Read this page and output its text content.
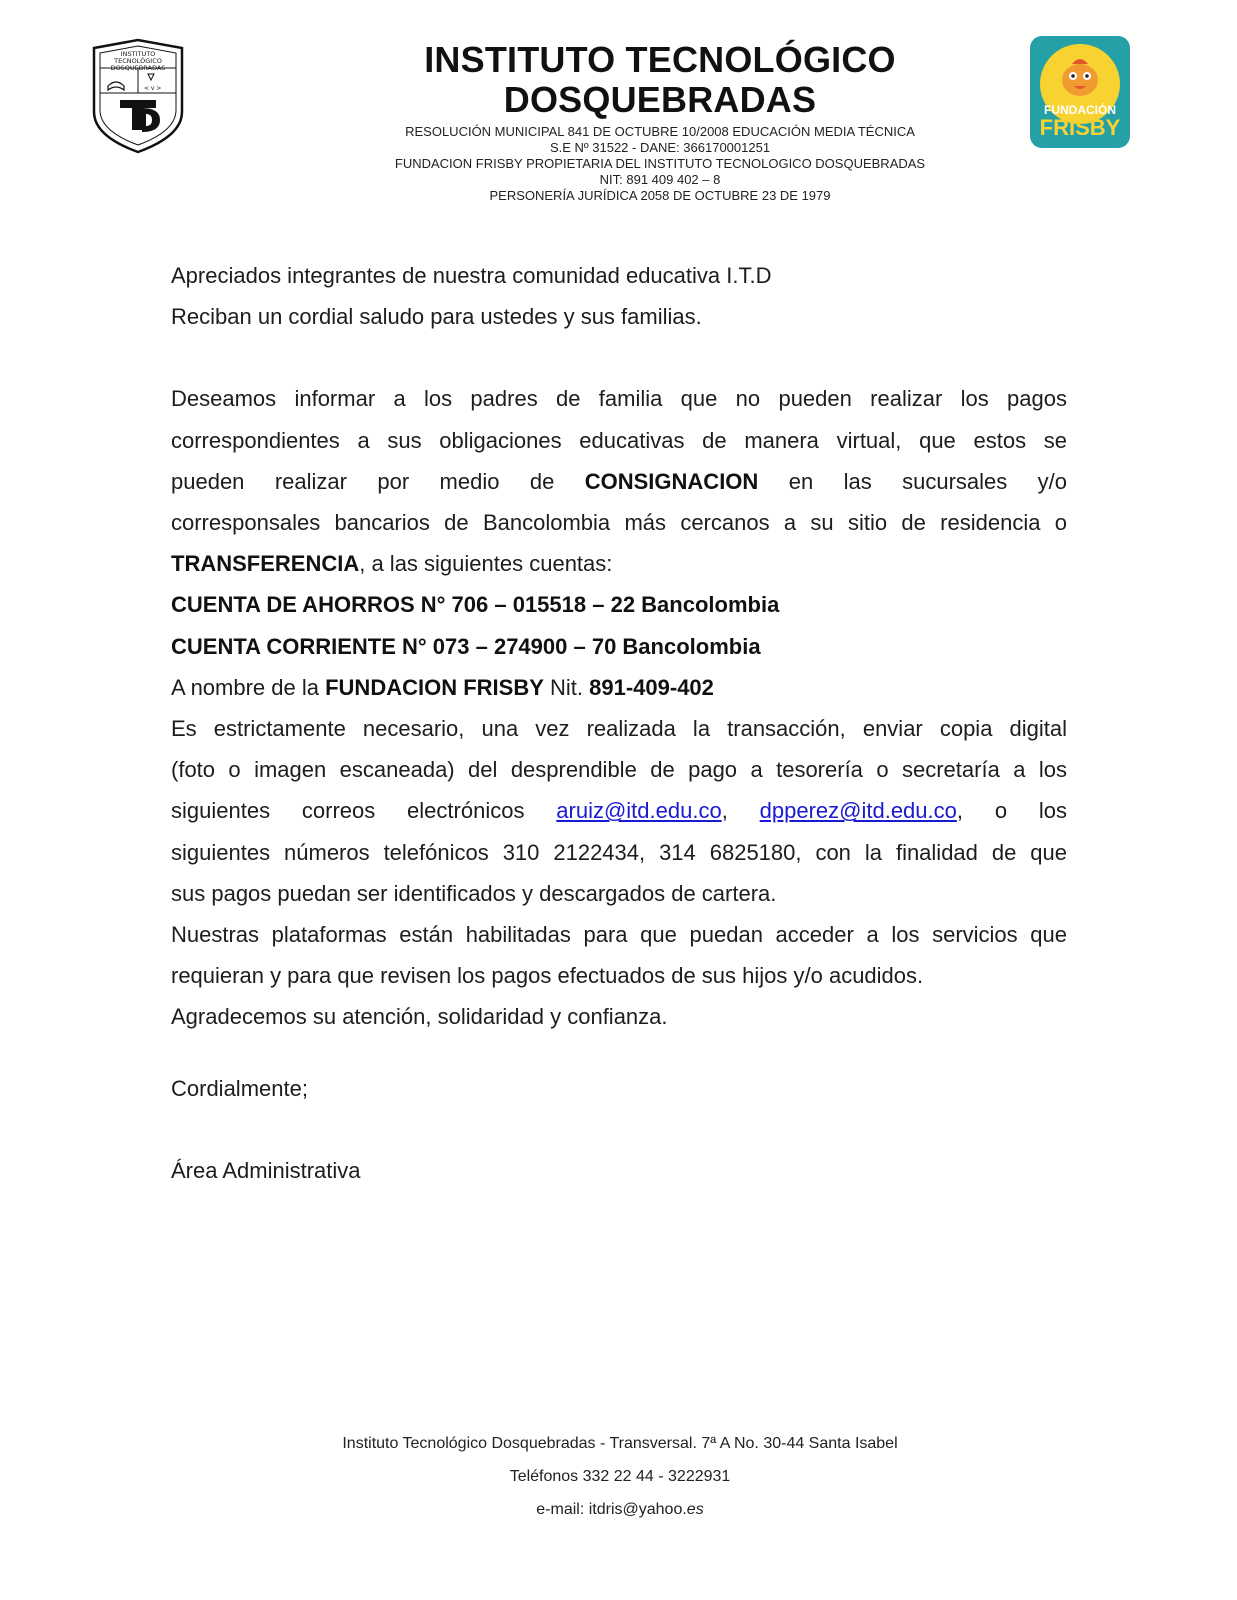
< v >
INSTITUTO TECNOLÓGICO
DOSQUEBRADAS	INSTITUTO TECNOLÓGICO
DOSQUEBRADAS
RESOLUCIÓN MUNICIPAL 841 DE OCTUBRE 10/2008 EDUCACIÓN MEDIA TÉCNICA
S.E Nº 31522 - DANE: 366170001251
FUNDACION FRISBY PROPIETARIA DEL INSTITUTO TECNOLOGICO DOSQUEBRADAS
NIT: 891 409 402 – 8
PERSONERÍA JURÍDICA 2058 DE OCTUBRE 23 DE 1979
FUNDACIÓN
FRISBY

Apreciados integrantes de nuestra comunidad educativa I.T.D

Reciban un cordial saludo para ustedes y sus familias.

Deseamos informar a los padres de familia que no pueden realizar los pagos

correspondientes a sus obligaciones educativas de manera virtual, que estos se

pueden realizar por medio de CONSIGNACION en las sucursales y/o

corresponsales bancarios de Bancolombia más cercanos a su sitio de residencia o

TRANSFERENCIA, a las siguientes cuentas:

CUENTA DE AHORROS N° 706 – 015518 – 22 Bancolombia

CUENTA CORRIENTE N° 073 – 274900 – 70 Bancolombia

A nombre de la FUNDACION FRISBY Nit. 891-409-402

Es estrictamente necesario, una vez realizada la transacción, enviar copia digital

(foto o imagen escaneada) del desprendible de pago a tesorería o secretaría a los

siguientes correos electrónicos aruiz@itd.edu.co, dpperez@itd.edu.co, o los

siguientes números telefónicos 310 2122434, 314 6825180, con la finalidad de que

sus pagos puedan ser identificados y descargados de cartera.

Nuestras plataformas están habilitadas para que puedan acceder a los servicios que

requieran y para que revisen los pagos efectuados de sus hijos y/o acudidos.

Agradecemos su atención, solidaridad y confianza.

Cordialmente;

Área Administrativa

Instituto Tecnológico Dosquebradas - Transversal. 7ª A No. 30-44 Santa Isabel
Teléfonos 332 22 44 - 3222931
e-mail: itdris@yahoo.es
